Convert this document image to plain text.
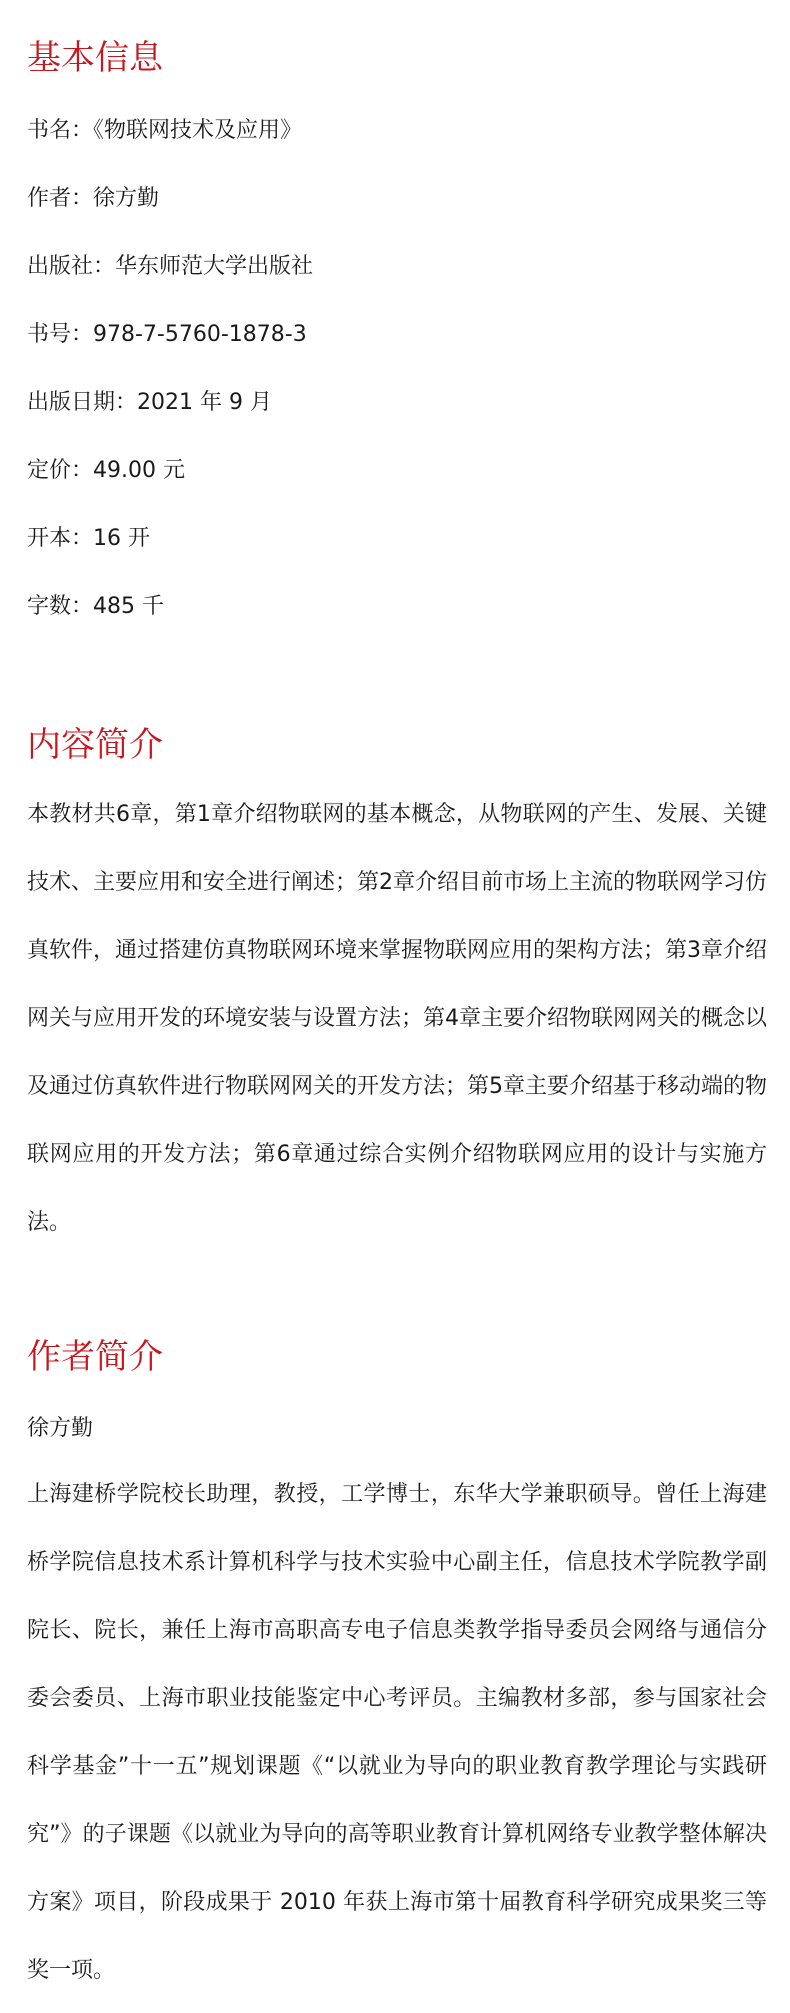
基本信息

书名：《物联网技术及应用》

作者：徐方勤

出版社：华东师范大学出版社

书号：978-7-5760-1878-3

出版日期：2021 年 9 月

定价：49.00 元

开本：16 开

字数：485 千

内容简介

本教材共6章，第1章介绍物联网的基本概念，从物联网的产生、发展、关键技术、主要应用和安全进行阐述；第2章介绍目前市场上主流的物联网学习仿真软件，通过搭建仿真物联网环境来掌握物联网应用的架构方法；第3章介绍网关与应用开发的环境安装与设置方法；第4章主要介绍物联网网关的概念以及通过仿真软件进行物联网网关的开发方法；第5章主要介绍基于移动端的物联网应用的开发方法；第6章通过综合实例介绍物联网应用的设计与实施方法。

作者简介

徐方勤

上海建桥学院校长助理，教授，工学博士，东华大学兼职硕导。曾任上海建桥学院信息技术系计算机科学与技术实验中心副主任，信息技术学院教学副院长、院长，兼任上海市高职高专电子信息类教学指导委员会网络与通信分委会委员、上海市职业技能鉴定中心考评员。主编教材多部，参与国家社会科学基金”十一五”规划课题《“以就业为导向的职业教育教学理论与实践研究”》的子课题《以就业为导向的高等职业教育计算机网络专业教学整体解决方案》项目，阶段成果于 2010 年获上海市第十届教育科学研究成果奖三等奖一项。
